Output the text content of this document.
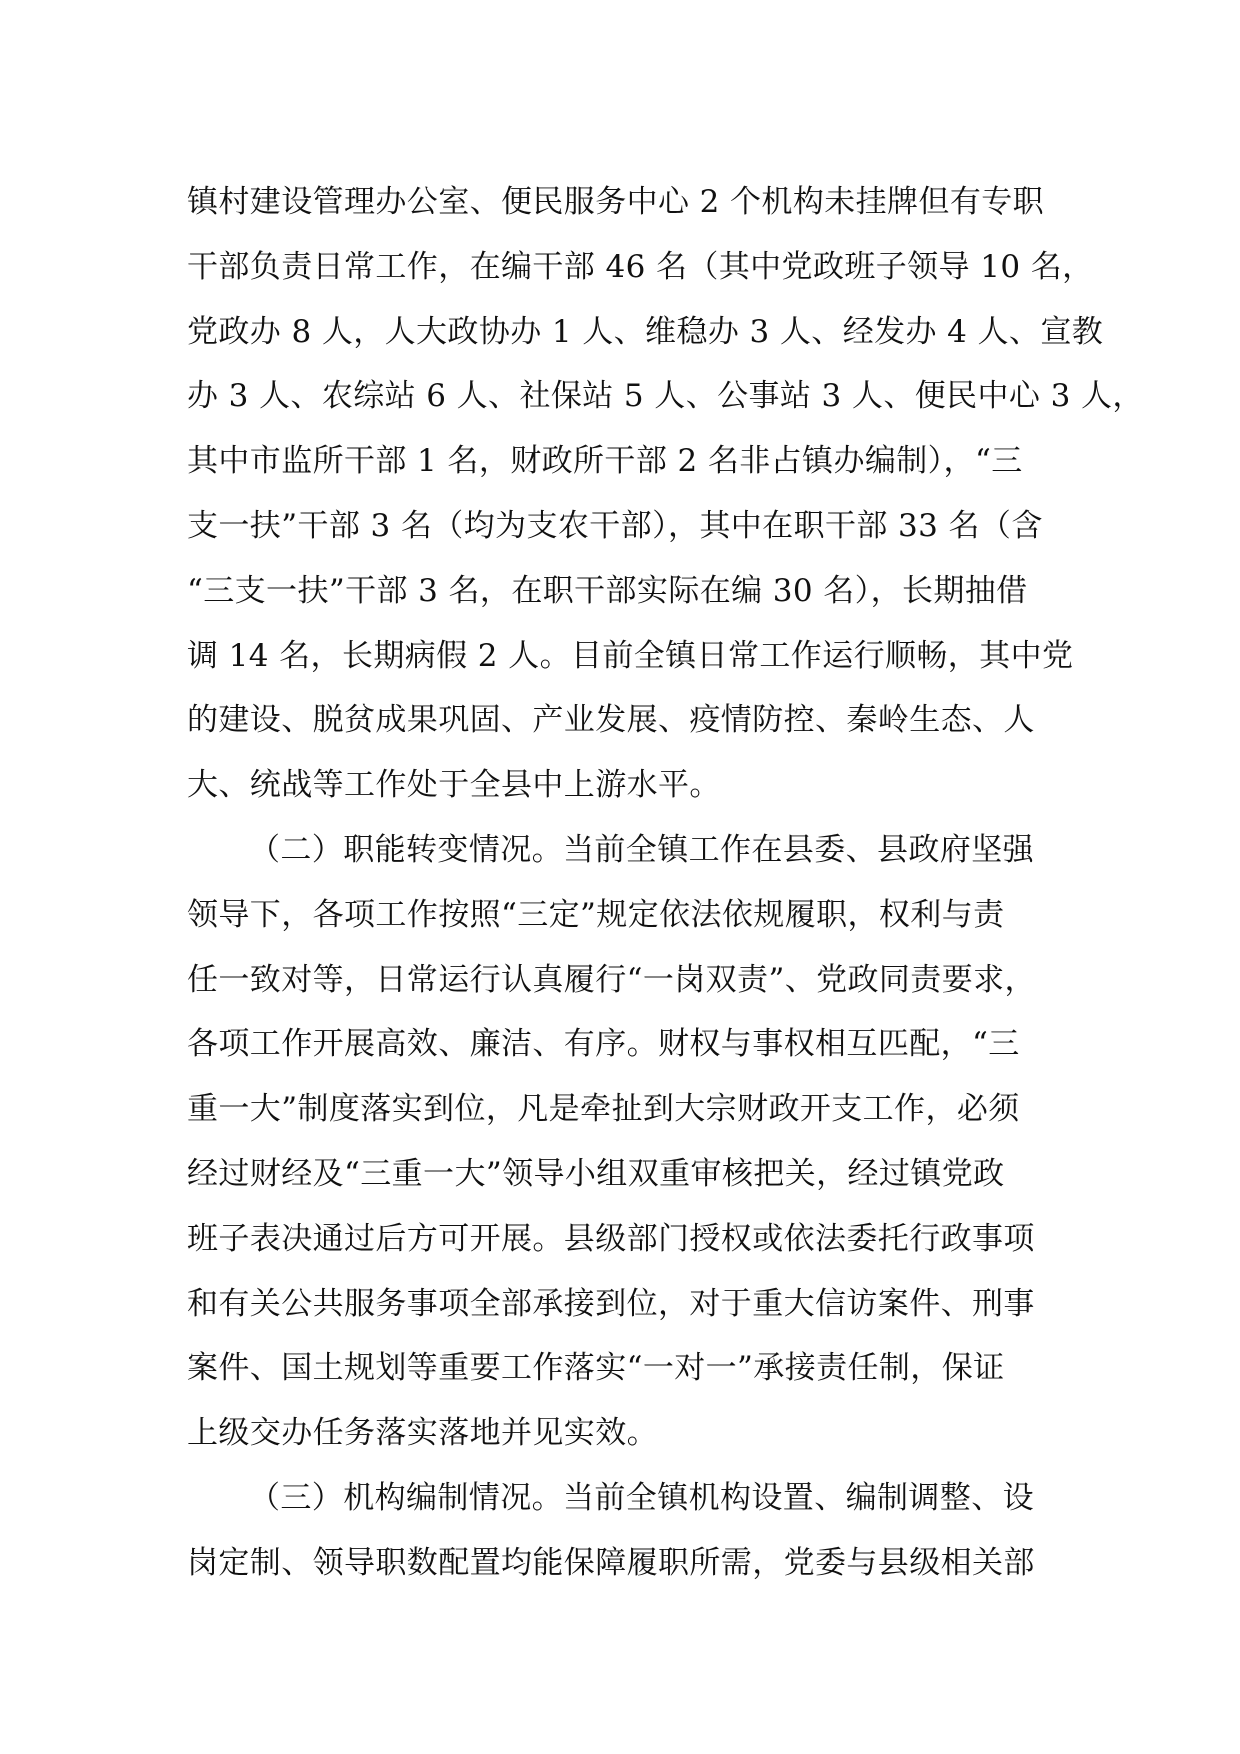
镇村建设管理办公室、便民服务中心 2 个机构未挂牌但有专职
干部负责日常工作，在编干部 46 名（其中党政班子领导 10 名，
党政办 8 人，人大政协办 1 人、维稳办 3 人、经发办 4 人、宣教
办 3 人、农综站 6 人、社保站 5 人、公事站 3 人、便民中心 3 人，
其中市监所干部 1 名，财政所干部 2 名非占镇办编制），“三
支一扶”干部 3 名（均为支农干部），其中在职干部 33 名（含
“三支一扶”干部 3 名，在职干部实际在编 30 名），长期抽借
调 14 名，长期病假 2 人。目前全镇日常工作运行顺畅，其中党
的建设、脱贫成果巩固、产业发展、疫情防控、秦岭生态、人
大、统战等工作处于全县中上游水平。
（二）职能转变情况。当前全镇工作在县委、县政府坚强
领导下，各项工作按照“三定”规定依法依规履职，权利与责
任一致对等，日常运行认真履行“一岗双责”、党政同责要求，
各项工作开展高效、廉洁、有序。财权与事权相互匹配，“三
重一大”制度落实到位，凡是牵扯到大宗财政开支工作，必须
经过财经及“三重一大”领导小组双重审核把关，经过镇党政
班子表决通过后方可开展。县级部门授权或依法委托行政事项
和有关公共服务事项全部承接到位，对于重大信访案件、刑事
案件、国土规划等重要工作落实“一对一”承接责任制，保证
上级交办任务落实落地并见实效。
（三）机构编制情况。当前全镇机构设置、编制调整、设
岗定制、领导职数配置均能保障履职所需，党委与县级相关部
